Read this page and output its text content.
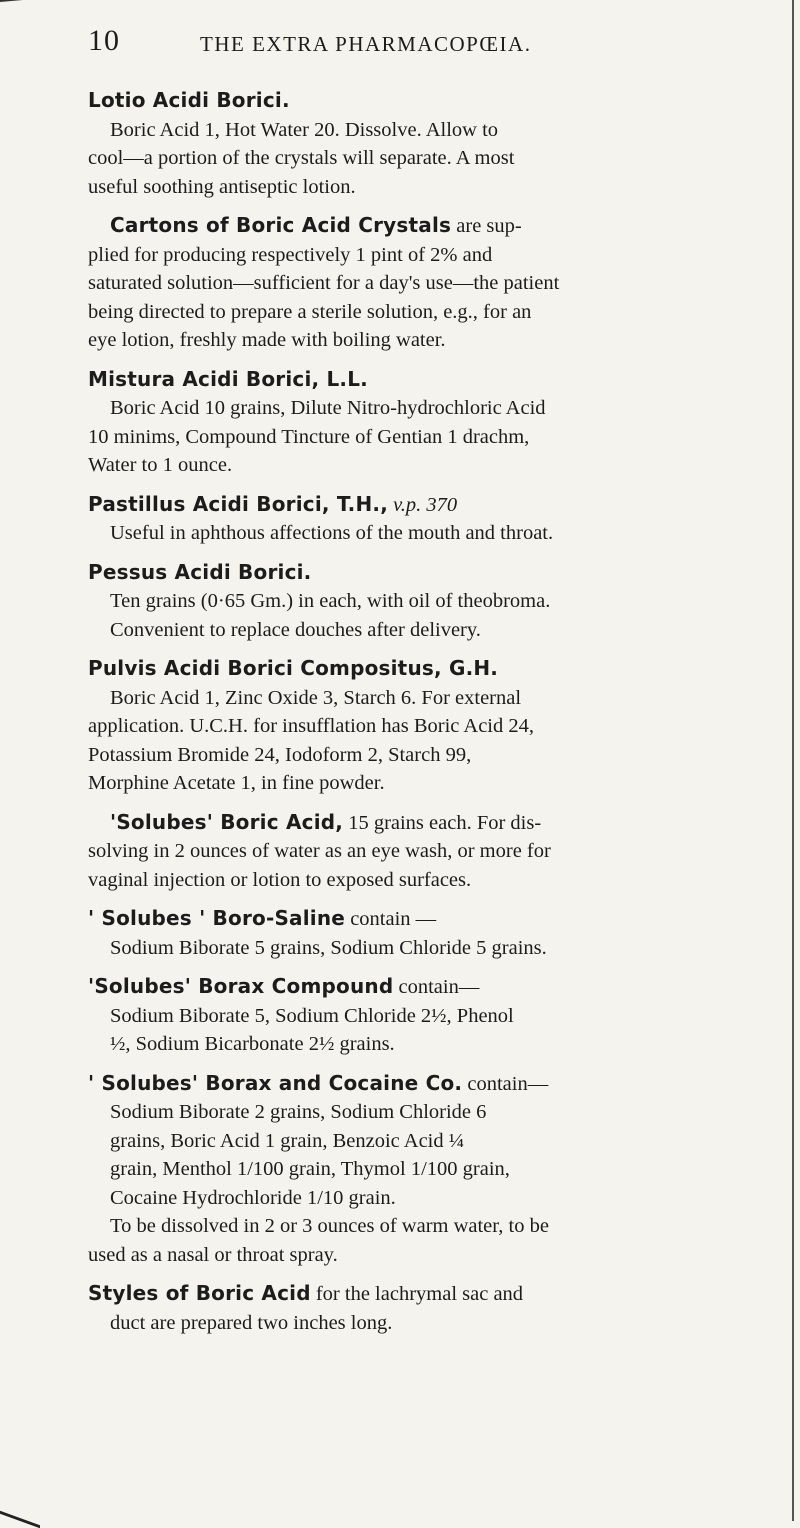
10	THE EXTRA PHARMACOPŒIA.
Lotio Acidi Borici.
Boric Acid 1, Hot Water 20. Dissolve. Allow to
cool—a portion of the crystals will separate. A most
useful soothing antiseptic lotion.
Cartons of Boric Acid Crystals are sup-
plied for producing respectively 1 pint of 2% and
saturated solution—sufficient for a day's use—the patient
being directed to prepare a sterile solution, e.g., for an
eye lotion, freshly made with boiling water.
Mistura Acidi Borici, L.L.
Boric Acid 10 grains, Dilute Nitro-hydrochloric Acid
10 minims, Compound Tincture of Gentian 1 drachm,
Water to 1 ounce.
Pastillus Acidi Borici, T.H., v.p. 370
Useful in aphthous affections of the mouth and throat.
Pessus Acidi Borici.
Ten grains (0·65 Gm.) in each, with oil of theobroma.
Convenient to replace douches after delivery.
Pulvis Acidi Borici Compositus, G.H.
Boric Acid 1, Zinc Oxide 3, Starch 6. For external
application. U.C.H. for insufflation has Boric Acid 24,
Potassium Bromide 24, Iodoform 2, Starch 99,
Morphine Acetate 1, in fine powder.
'Solubes' Boric Acid, 15 grains each. For dis-
solving in 2 ounces of water as an eye wash, or more for
vaginal injection or lotion to exposed surfaces.
' Solubes ' Boro-Saline contain —
Sodium Biborate 5 grains, Sodium Chloride 5 grains.
'Solubes' Borax Compound contain—
Sodium Biborate 5, Sodium Chloride 2½, Phenol
½, Sodium Bicarbonate 2½ grains.
' Solubes' Borax and Cocaine Co. contain—
Sodium Biborate 2 grains, Sodium Chloride 6
grains, Boric Acid 1 grain, Benzoic Acid ¼
grain, Menthol 1/100 grain, Thymol 1/100 grain,
Cocaine Hydrochloride 1/10 grain.
To be dissolved in 2 or 3 ounces of warm water, to be
used as a nasal or throat spray.
Styles of Boric Acid for the lachrymal sac and
duct are prepared two inches long.
